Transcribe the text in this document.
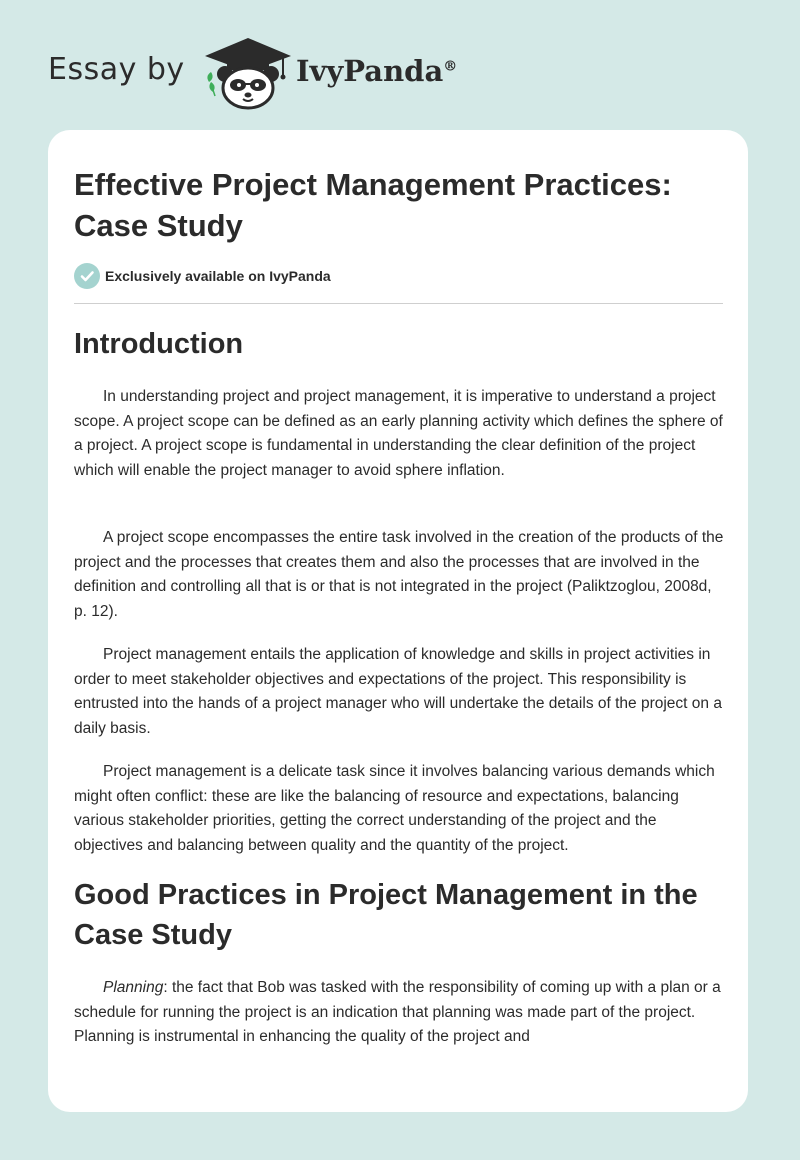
Essay by	IvyPanda®
Effective Project Management Practices: Case Study
Exclusively available on IvyPanda
Introduction

In understanding project and project management, it is imperative to understand a project scope. A project scope can be defined as an early planning activity which defines the sphere of a project. A project scope is fundamental in understanding the clear definition of the project which will enable the project manager to avoid sphere inflation.

A project scope encompasses the entire task involved in the creation of the products of the project and the processes that creates them and also the processes that are involved in the definition and controlling all that is or that is not integrated in the project (Paliktzoglou, 2008d, p. 12).

Project management entails the application of knowledge and skills in project activities in order to meet stakeholder objectives and expectations of the project. This responsibility is entrusted into the hands of a project manager who will undertake the details of the project on a daily basis.

Project management is a delicate task since it involves balancing various demands which might often conflict: these are like the balancing of resource and expectations, balancing various stakeholder priorities, getting the correct understanding of the project and the objectives and balancing between quality and the quantity of the project.

Good Practices in Project Management in the Case Study

Planning: the fact that Bob was tasked with the responsibility of coming up with a plan or a schedule for running the project is an indication that planning was made part of the project. Planning is instrumental in enhancing the quality of the project and
